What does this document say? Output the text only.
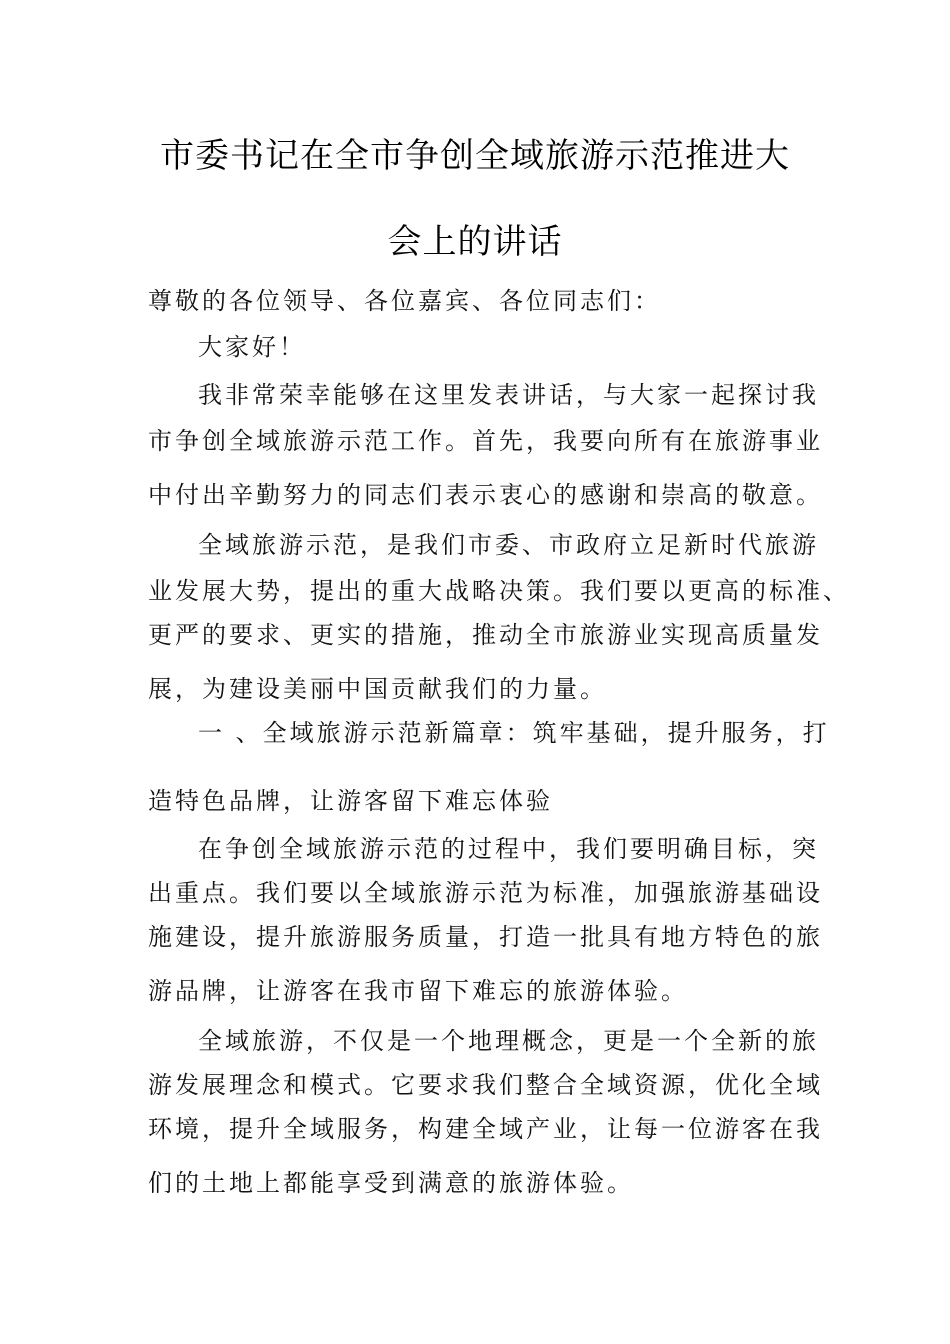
市委书记在全市争创全域旅游示范推进大
会上的讲话
尊敬的各位领导、各位嘉宾、各位同志们：
大家好！
我非常荣幸能够在这里发表讲话，与大家一起探讨我
市争创全域旅游示范工作。首先，我要向所有在旅游事业
中付出辛勤努力的同志们表示衷心的感谢和崇高的敬意。
全域旅游示范，是我们市委、市政府立足新时代旅游
业发展大势，提出的重大战略决策。我们要以更高的标准、
更严的要求、更实的措施，推动全市旅游业实现高质量发
展，为建设美丽中国贡献我们的力量。
一 、全域旅游示范新篇章：筑牢基础，提升服务，打
造特色品牌，让游客留下难忘体验
在争创全域旅游示范的过程中，我们要明确目标，突
出重点。我们要以全域旅游示范为标准，加强旅游基础设
施建设，提升旅游服务质量，打造一批具有地方特色的旅
游品牌，让游客在我市留下难忘的旅游体验。
全域旅游，不仅是一个地理概念，更是一个全新的旅
游发展理念和模式。它要求我们整合全域资源，优化全域
环境，提升全域服务，构建全域产业，让每一位游客在我
们的土地上都能享受到满意的旅游体验。
